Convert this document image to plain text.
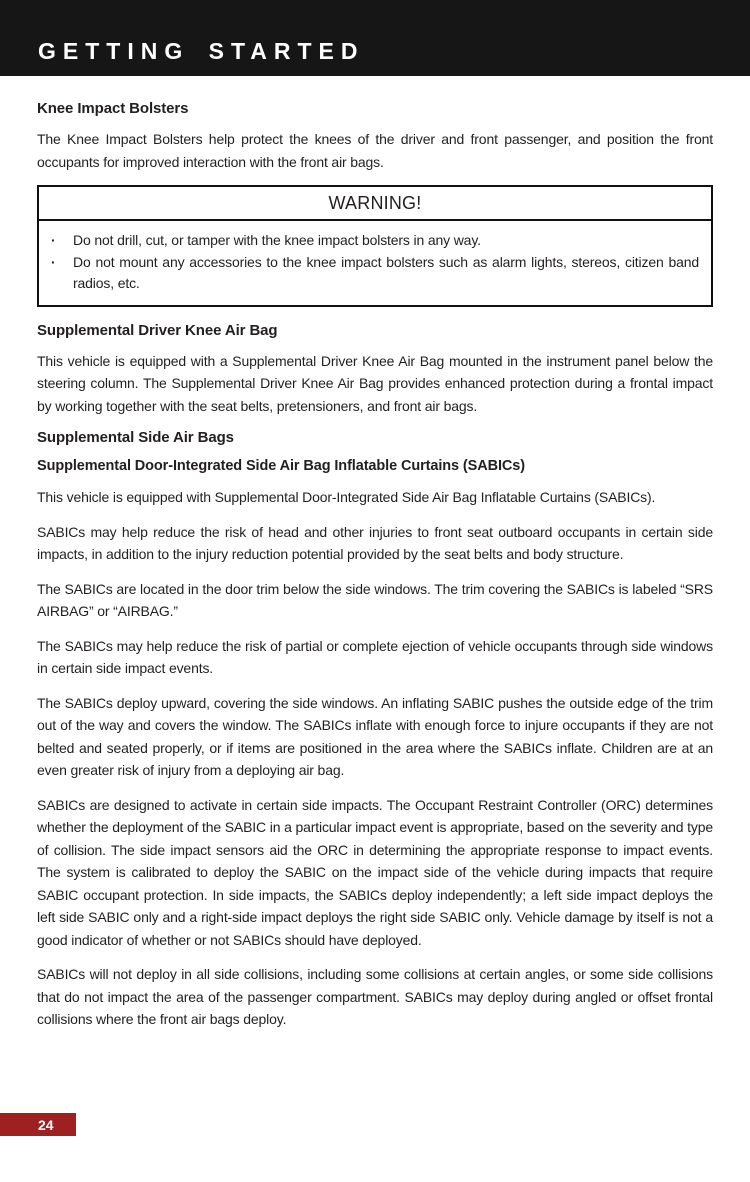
GETTING STARTED
Knee Impact Bolsters

The Knee Impact Bolsters help protect the knees of the driver and front passenger, and position the front occupants for improved interaction with the front air bags.

WARNING!
·	Do not drill, cut, or tamper with the knee impact bolsters in any way.
·	Do not mount any accessories to the knee impact bolsters such as alarm lights, stereos, citizen band radios, etc.
Supplemental Driver Knee Air Bag

This vehicle is equipped with a Supplemental Driver Knee Air Bag mounted in the instrument panel below the steering column. The Supplemental Driver Knee Air Bag provides enhanced protection during a frontal impact by working together with the seat belts, pretensioners, and front air bags.

Supplemental Side Air Bags
Supplemental Door-Integrated Side Air Bag Inflatable Curtains (SABICs)

This vehicle is equipped with Supplemental Door-Integrated Side Air Bag Inflatable Curtains (SABICs).

SABICs may help reduce the risk of head and other injuries to front seat outboard occupants in certain side impacts, in addition to the injury reduction potential provided by the seat belts and body structure.

The SABICs are located in the door trim below the side windows. The trim covering the SABICs is labeled “SRS AIRBAG” or “AIRBAG.”

The SABICs may help reduce the risk of partial or complete ejection of vehicle occupants through side windows in certain side impact events.

The SABICs deploy upward, covering the side windows. An inflating SABIC pushes the outside edge of the trim out of the way and covers the window. The SABICs inflate with enough force to injure occupants if they are not belted and seated properly, or if items are positioned in the area where the SABICs inflate. Children are at an even greater risk of injury from a deploying air bag.

SABICs are designed to activate in certain side impacts. The Occupant Restraint Controller (ORC) determines whether the deployment of the SABIC in a particular impact event is appropriate, based on the severity and type of collision. The side impact sensors aid the ORC in determining the appropriate response to impact events. The system is calibrated to deploy the SABIC on the impact side of the vehicle during impacts that require SABIC occupant protection. In side impacts, the SABICs deploy independently; a left side impact deploys the left side SABIC only and a right-side impact deploys the right side SABIC only. Vehicle damage by itself is not a good indicator of whether or not SABICs should have deployed.

SABICs will not deploy in all side collisions, including some collisions at certain angles, or some side collisions that do not impact the area of the passenger compartment. SABICs may deploy during angled or offset frontal collisions where the front air bags deploy.

24
